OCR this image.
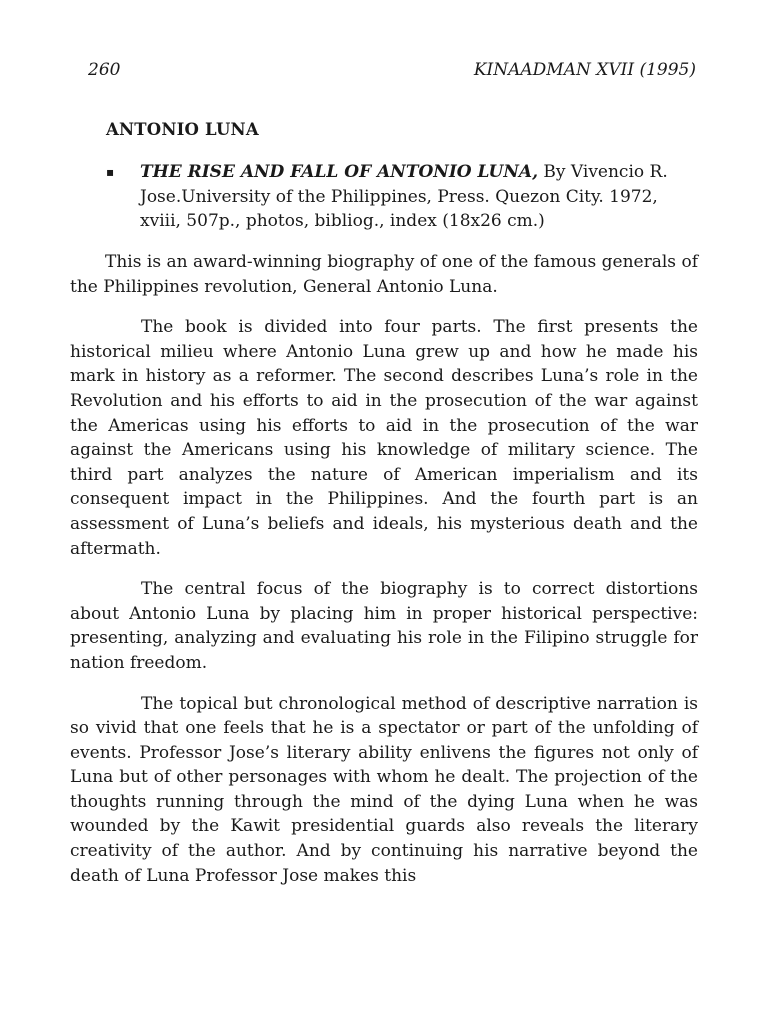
260	KINAADMAN XVII (1995)
ANTONIO LUNA
▪ THE RISE AND FALL OF ANTONIO LUNA, By Vivencio R. Jose.University of the Philippines, Press. Quezon City. 1972, xviii, 507p., photos, bibliog., index (18x26 cm.)

This is an award-winning biography of one of the famous generals of the Philippines revolution, General Antonio Luna.

The book is divided into four parts. The first presents the historical milieu where Antonio Luna grew up and how he made his mark in history as a reformer. The second describes Luna’s role in the Revolution and his efforts to aid in the prosecution of the war against the Americas using his efforts to aid in the prosecution of the war against the Americans using his knowledge of military science. The third part analyzes the nature of American imperialism and its consequent impact in the Philippines. And the fourth part is an assessment of Luna’s beliefs and ideals, his mysterious death and the aftermath.

The central focus of the biography is to correct distortions about Antonio Luna by placing him in proper historical perspective: presenting, analyzing and evaluating his role in the Filipino struggle for nation freedom.

The topical but chronological method of descriptive narration is so vivid that one feels that he is a spectator or part of the unfolding of events. Professor Jose’s literary ability enlivens the figures not only of Luna but of other personages with whom he dealt. The projection of the thoughts running through the mind of the dying Luna when he was wounded by the Kawit presidential guards also reveals the literary creativity of the author. And by continuing his narrative beyond the death of Luna Professor Jose makes this
